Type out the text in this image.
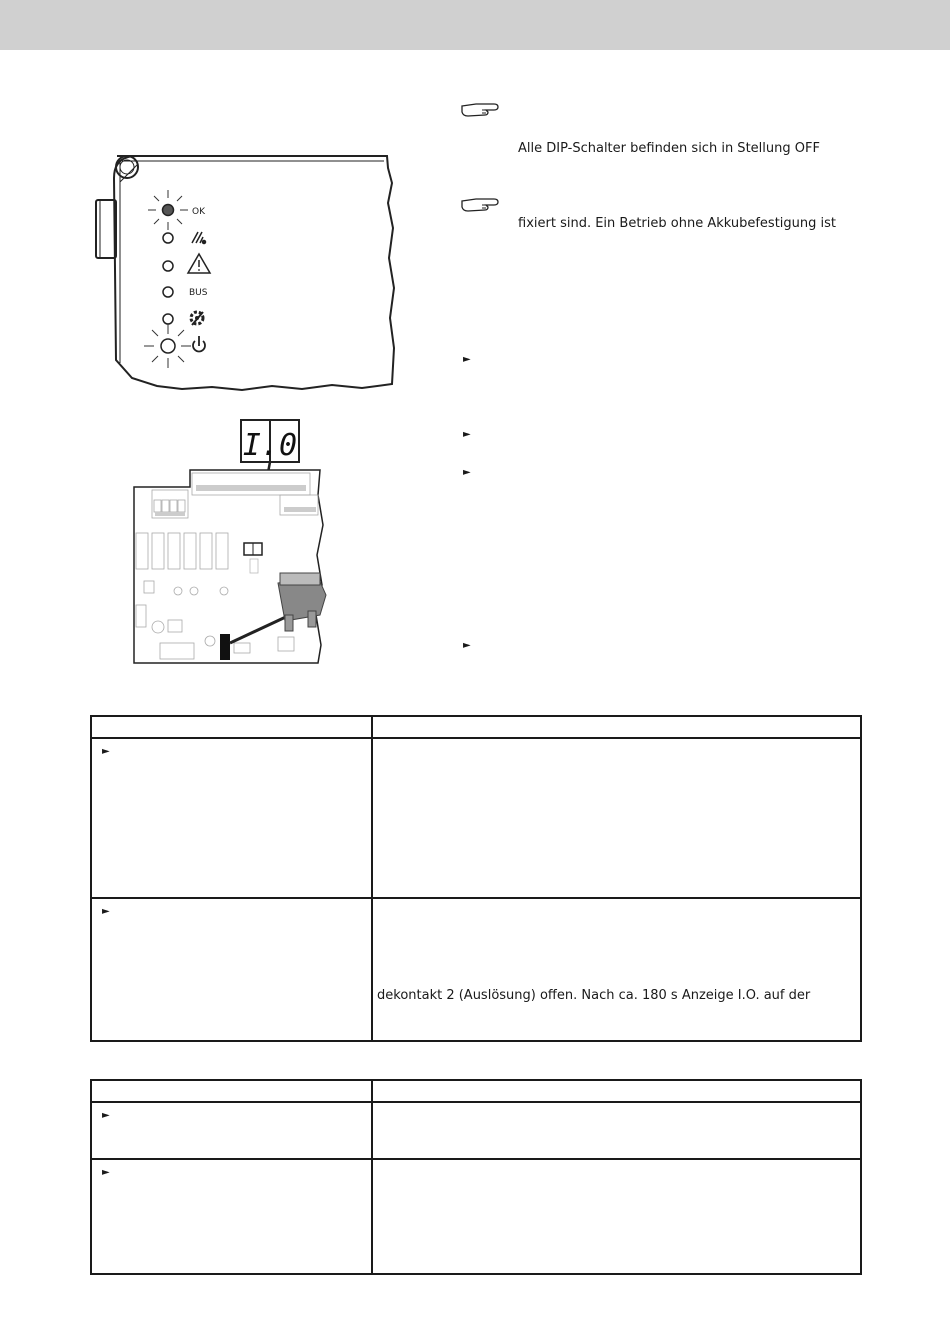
OK
BUS
I.0
Alle DIP-Schalter befinden sich in Stellung OFF
fixiert sind. Ein Betrieb ohne Akkubefestigung ist
►
►
►
►

►	

►	dekontakt 2 (Auslösung) offen. Nach ca. 180 s Anzeige I.O. auf der

►	

►	
